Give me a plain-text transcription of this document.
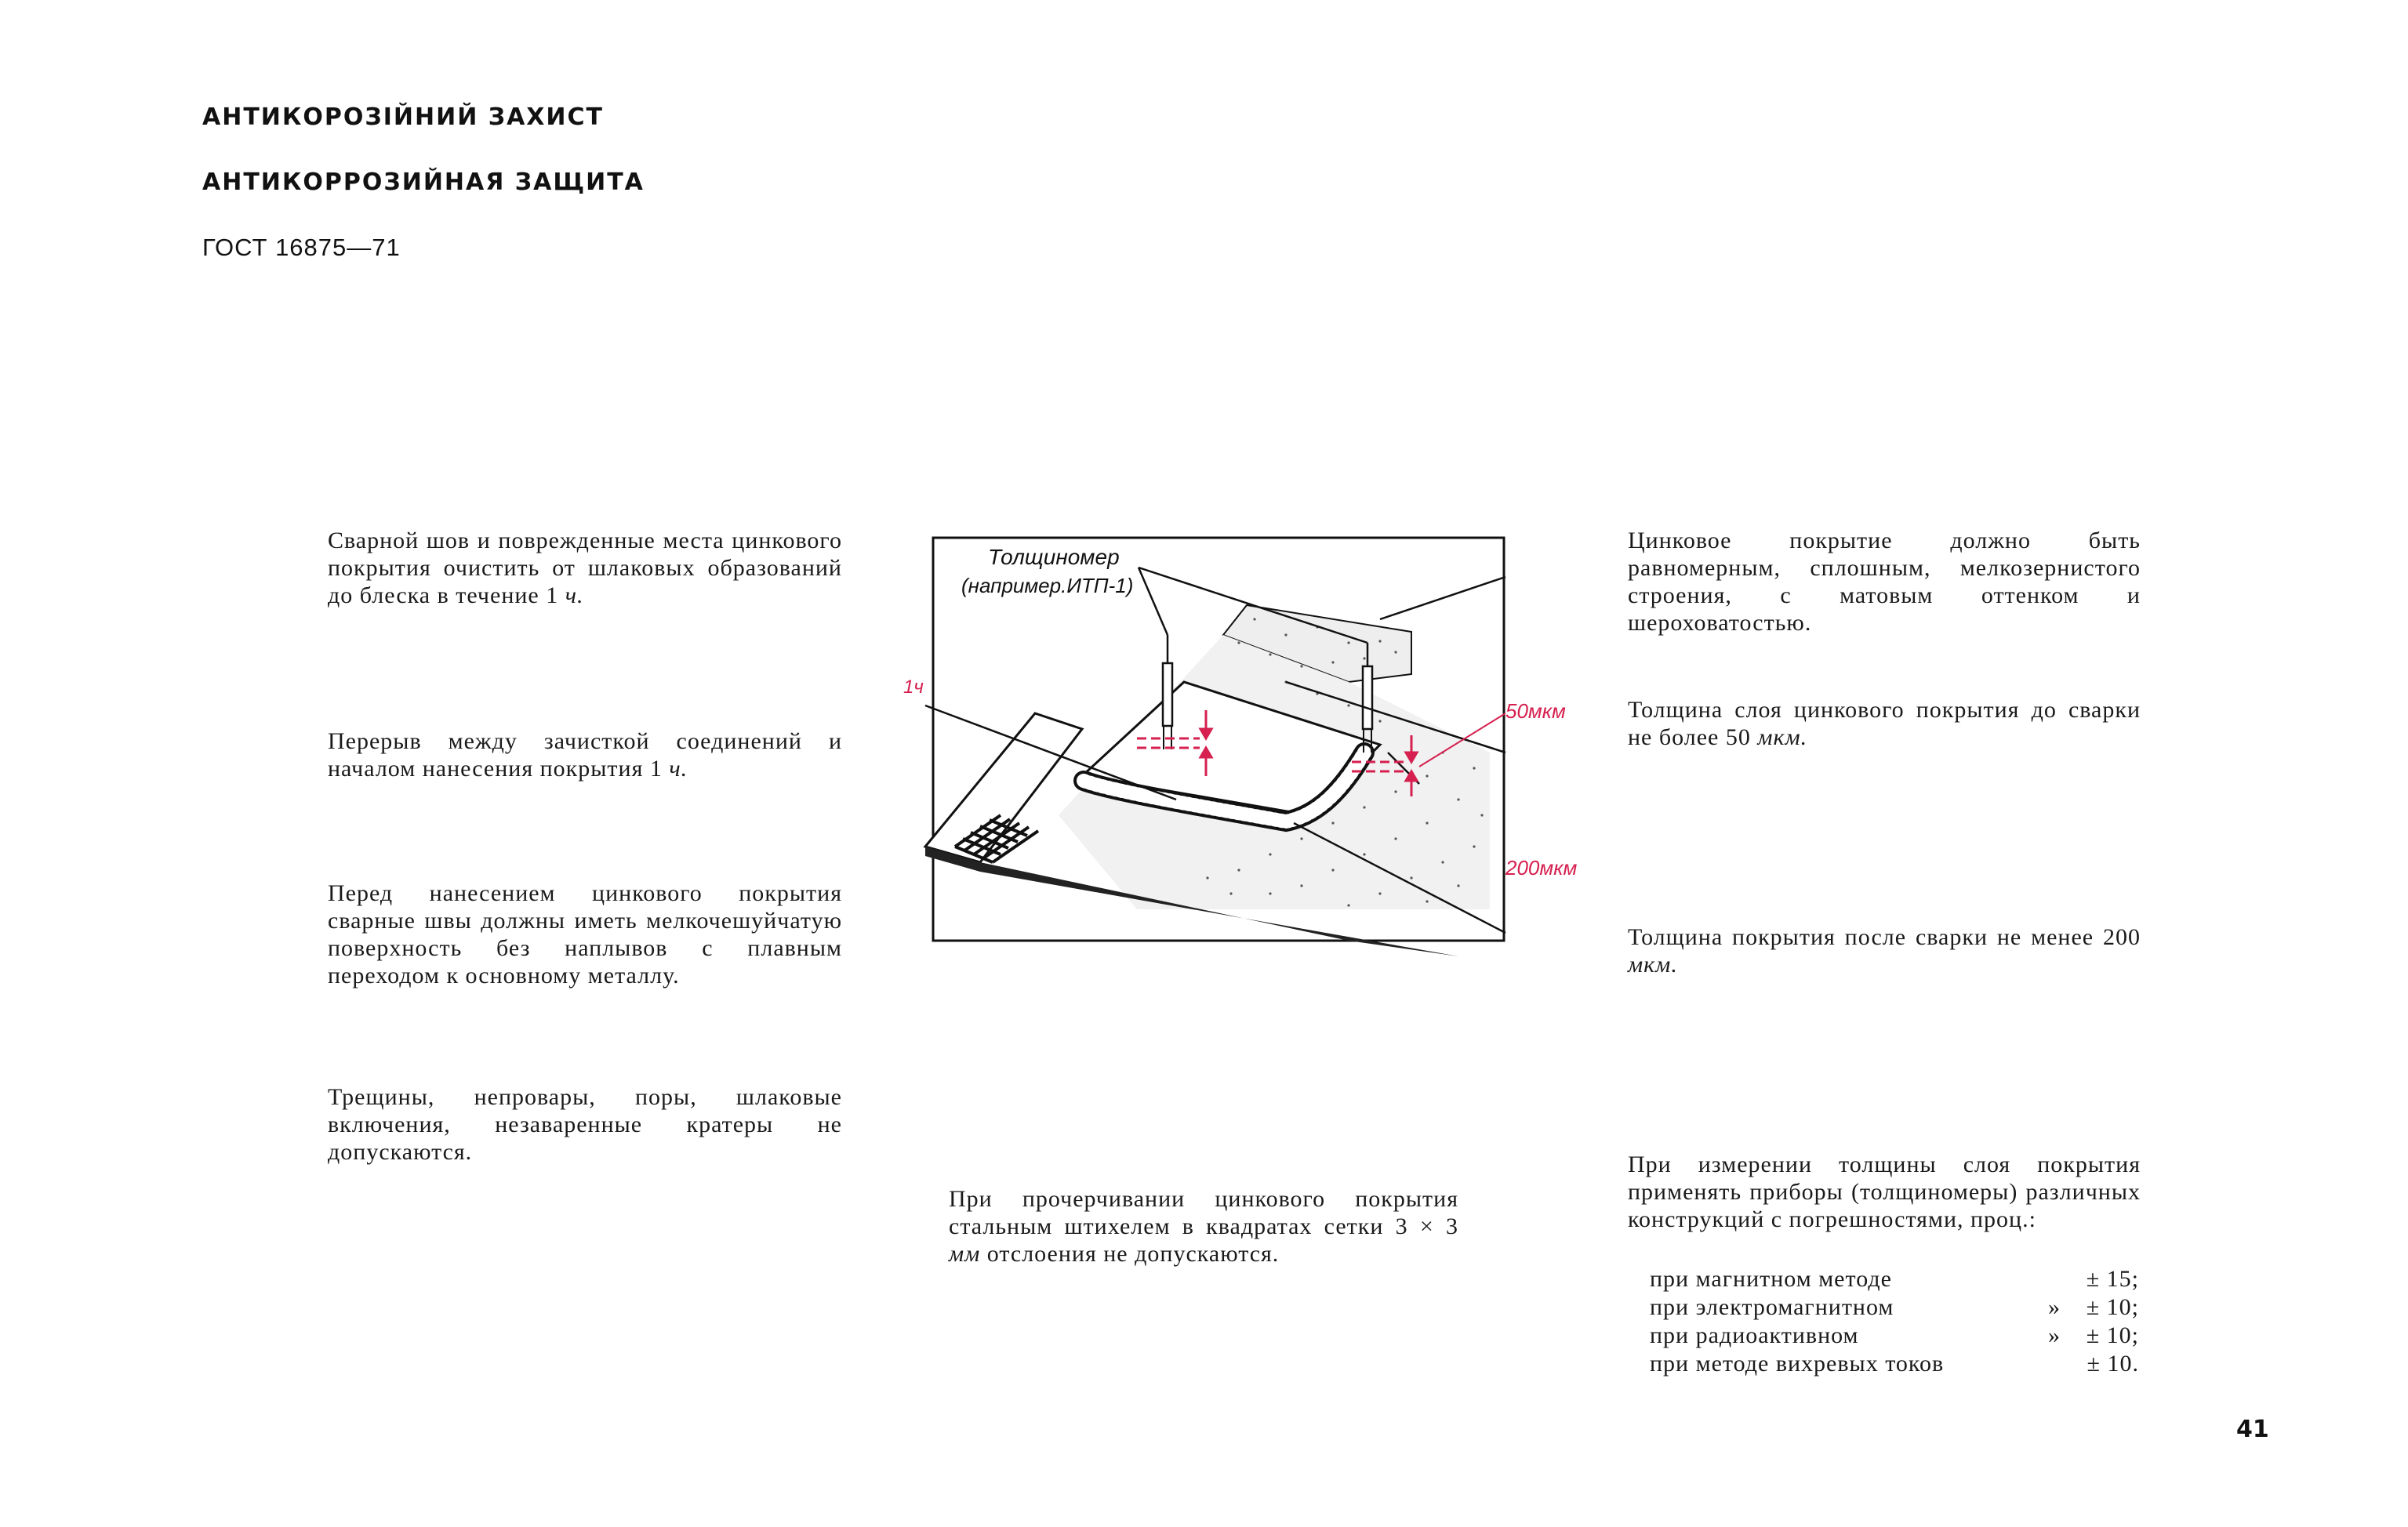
АНТИКОРОЗІЙНИЙ ЗАХИСТ
АНТИКОРРОЗИЙНАЯ ЗАЩИТА
ГОСТ 16875—71

Сварной шов и поврежденные места цинкового покрытия очистить от шлаковых образований до блеска в течение 1 ч.

Перерыв между зачисткой соединений и началом нанесения покрытия 1 ч.

Перед нанесением цинкового покрытия сварные швы должны иметь мелкочешуйчатую поверхность без наплывов с плавным переходом к основному металлу.

Трещины, непровары, поры, шлаковые включения, незаваренные кратеры не допускаются.

Толщиномер
(например.ИТП-1)
1ч
50мкм
200мкм

При прочерчивании цинкового покрытия стальным штихелем в квадратах сетки 3 × 3 мм отслоения не допускаются.

Цинковое покрытие должно быть равномерным, сплошным, мелкозернистого строения, с матовым оттенком и шероховатостью.

Толщина слоя цинкового покрытия до сварки не более 50 мкм.

Толщина покрытия после сварки не менее 200 мкм.

При измерении толщины слоя покрытия применять приборы (толщиномеры) различных конструкций с погрешностями, проц.:

при магнитном методе	± 15;
при электромагнитном	» ± 10;
при радиоактивном	» ± 10;
при методе вихревых токов	± 10.
41
